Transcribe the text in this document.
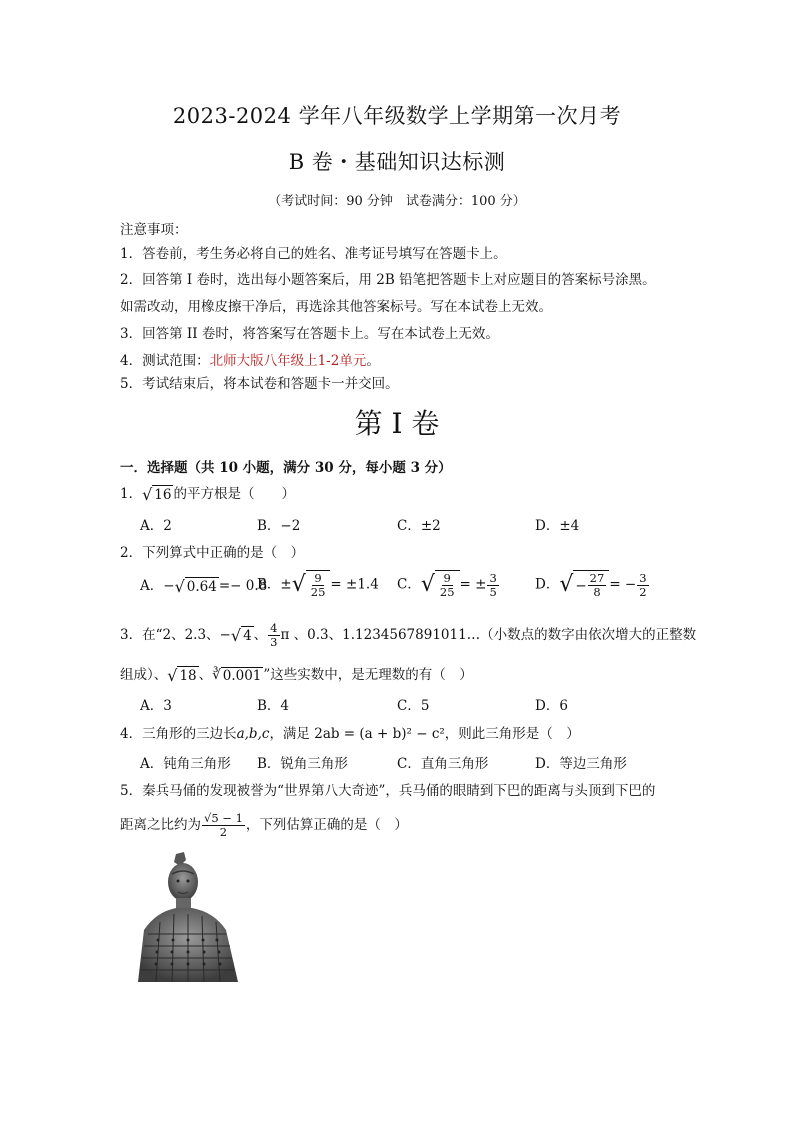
2023-2024 学年八年级数学上学期第一次月考
B 卷・基础知识达标测
（考试时间：90 分钟　试卷满分：100 分）
注意事项：
1．答卷前，考生务必将自己的姓名、准考证号填写在答题卡上。
2．回答第 I 卷时，选出每小题答案后，用 2B 铅笔把答题卡上对应题目的答案标号涂黑。
如需改动，用橡皮擦干净后，再选涂其他答案标号。写在本试卷上无效。
3．回答第 II 卷时，将答案写在答题卡上。写在本试卷上无效。
4．测试范围：北师大版八年级上1-2单元。
5．考试结束后，将本试卷和答题卡一并交回。
第 I 卷
一．选择题（共 10 小题，满分 30 分，每小题 3 分）
1． √ 16 的平方根是（　　）
A．2	B．−2	C．±2	D．±4
2．下列算式中正确的是（　）
A．− √ 0.64 =− 0.8
B．± √ $\frac{9}{25} = \pm 1.4$ C． √ $\frac{9}{25}$ = ± $\frac{3}{5}$	D． √ − $\frac{27}{8}$ = − $\frac{3}{2}$
3．在“2、2.3、− √ 4 、 $\frac{4}{3}$ π 、0.3、1.1234567891011…（小数点的数字由依次增大的正整数
组成）、 √ 18 、∛ 0.001 ”这些实数中，是无理数的有（　）
A．3	B．4	C．5	D．6
4．三角形的三边长a,b,c，满足 2ab = (a + b)² − c²，则此三角形是（　）
A．钝角三角形 B．锐角三角形	C．直角三角形	D．等边三角形
5．秦兵马俑的发现被誉为“世界第八大奇迹”，兵马俑的眼睛到下巴的距离与头顶到下巴的
距离之比约为 $\frac{√5 - 1}{2}$ ，下列估算正确的是（　）
